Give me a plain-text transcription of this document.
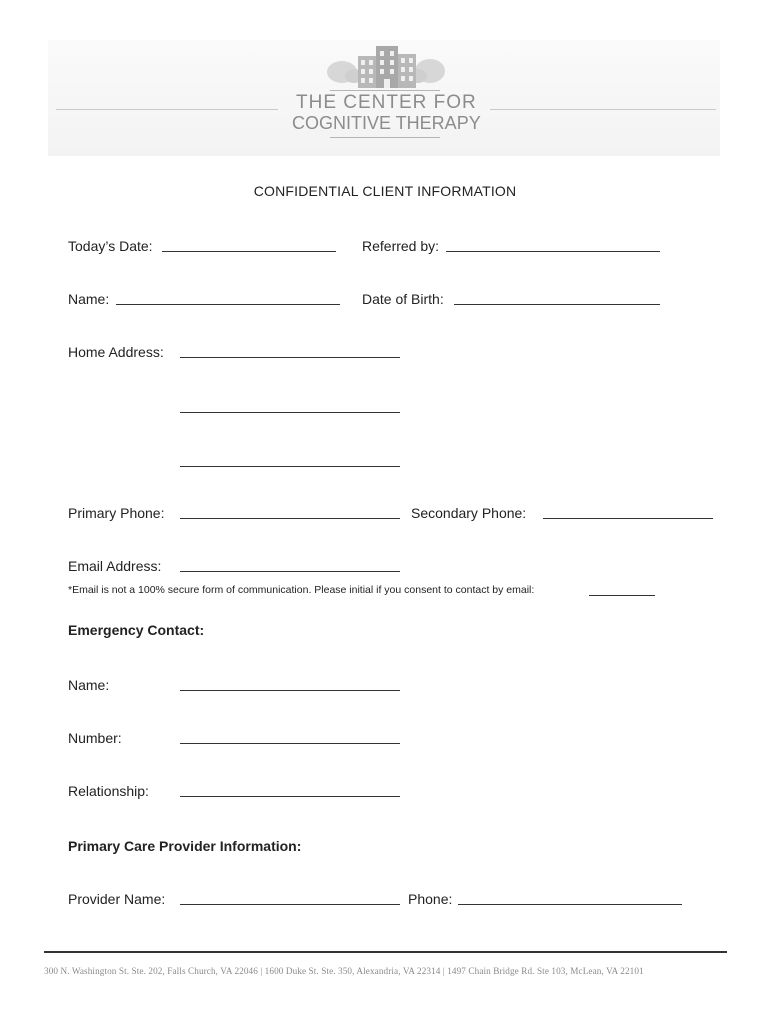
THE CENTER FOR
COGNITIVE THERAPY
CONFIDENTIAL CLIENT INFORMATION
Today’s Date:	Referred by:
Name:	Date of Birth:
Home Address:
Primary Phone:	Secondary Phone:
Email Address:
*Email is not a 100% secure form of communication. Please initial if you consent to contact by email:
Emergency Contact:
Name:
Number:
Relationship:
Primary Care Provider Information:
Provider Name:	Phone:
300 N. Washington St. Ste. 202, Falls Church, VA 22046 | 1600 Duke St. Ste. 350, Alexandria, VA 22314 | 1497 Chain Bridge Rd. Ste 103, McLean, VA 22101
